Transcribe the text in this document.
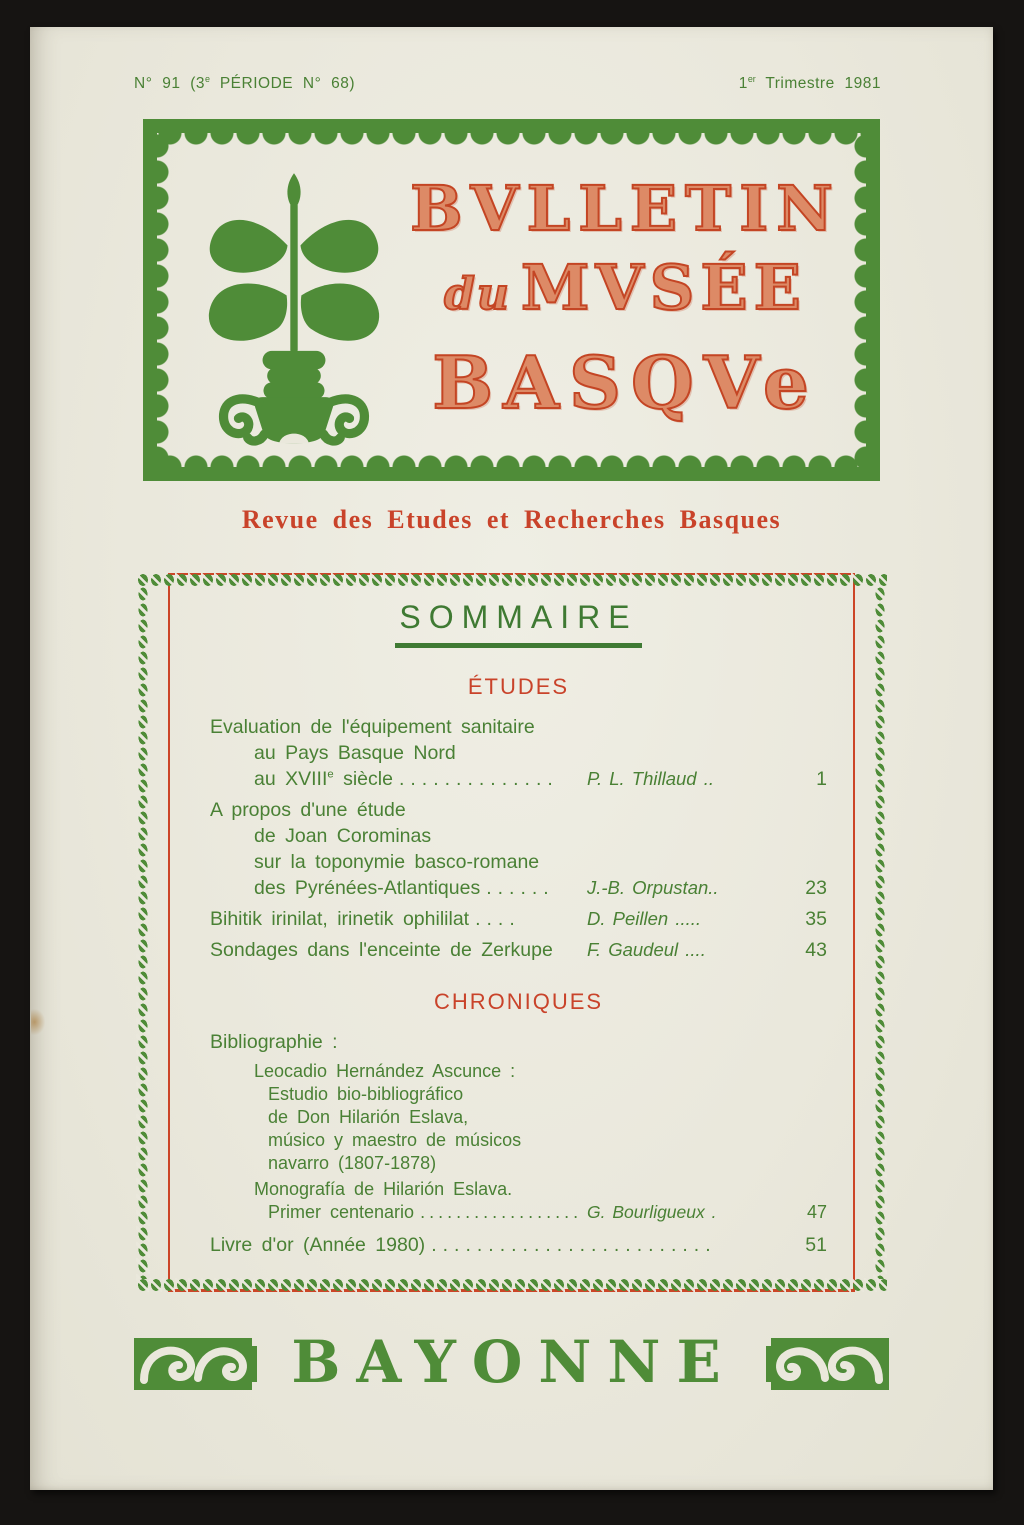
N° 91 (3e PÉRIODE N° 68)	1er Trimestre 1981
BVLLETIN
du MVSÉE
BASQVe
Revue des Etudes et Recherches Basques
SOMMAIRE
ÉTUDES
Evaluation de l'équipement sanitaire
au Pays Basque Nord
au XVIIIe siècle ..............	P. L. Thillaud ..	1
A propos d'une étude
de Joan Corominas
sur la toponymie basco-romane
des Pyrénées-Atlantiques ......	J.-B. Orpustan..	23
Bihitik irinilat, irinetik ophililat ....	D. Peillen .....	35
Sondages dans l'enceinte de Zerkupe	F. Gaudeul ....	43
CHRONIQUES
Bibliographie :
Leocadio Hernández Ascunce :
Estudio bio-bibliográfico
de Don Hilarión Eslava,
músico y maestro de músicos
navarro (1807-1878)
Monografía de Hilarión Eslava.
Primer centenario .................. G. Bourligueux .	47
Livre d'or (Année 1980) .........................	51
BAYONNE
